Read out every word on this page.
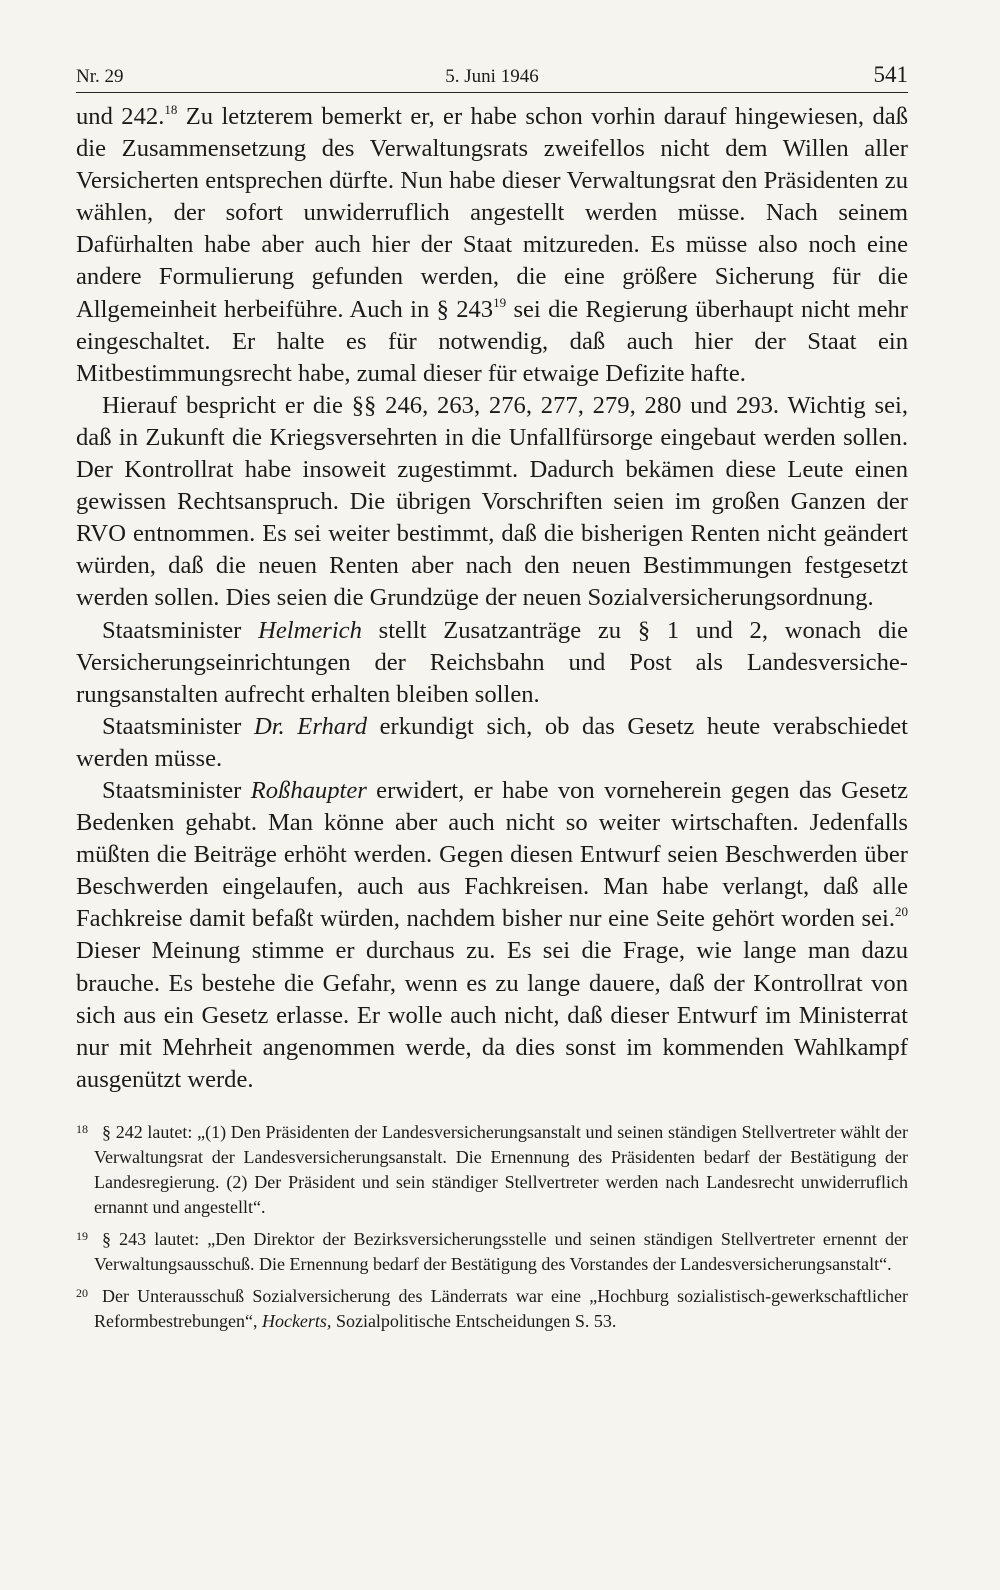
Nr. 29	5. Juni 1946	541

und 242.18 Zu letzterem bemerkt er, er habe schon vorhin darauf hingewiesen, daß die Zusammensetzung des Verwaltungsrats zweifellos nicht dem Willen aller Versicherten entsprechen dürfte. Nun habe dieser Verwaltungsrat den Präsidenten zu wählen, der sofort unwiderruflich angestellt werden müsse. Nach seinem Dafürhalten habe aber auch hier der Staat mitzureden. Es müsse also noch eine andere Formulierung gefunden werden, die eine größere Sicherung für die Allgemeinheit herbeiführe. Auch in § $243^{19}$ sei die Regierung überhaupt nicht mehr eingeschaltet. Er halte es für notwendig, daß auch hier der Staat ein Mitbestimmungsrecht habe, zumal dieser für etwaige Defizite hafte.

Hierauf bespricht er die §§ 246, 263, 276, 277, 279, 280 und 293. Wichtig sei, daß in Zukunft die Kriegsversehrten in die Unfallfürsorge eingebaut werden sollen. Der Kontrollrat habe insoweit zugestimmt. Dadurch bekämen diese Leute einen gewissen Rechtsanspruch. Die übrigen Vorschriften seien im großen Ganzen der RVO entnommen. Es sei weiter bestimmt, daß die bisherigen Renten nicht geändert würden, daß die neuen Renten aber nach den neuen Bestimmungen festgesetzt werden sollen. Dies seien die Grundzüge der neuen Sozialversicherungsordnung.

Staatsminister Helmerich stellt Zusatzanträge zu § 1 und 2, wonach die Versicherungseinrichtungen der Reichsbahn und Post als Landesversicherungsanstalten aufrecht erhalten bleiben sollen.

Staatsminister Dr. Erhard erkundigt sich, ob das Gesetz heute verabschiedet werden müsse.

Staatsminister Roßhaupter erwidert, er habe von vorneherein gegen das Gesetz Bedenken gehabt. Man könne aber auch nicht so weiter wirtschaften. Jedenfalls müßten die Beiträge erhöht werden. Gegen diesen Entwurf seien Beschwerden über Beschwerden eingelaufen, auch aus Fachkreisen. Man habe verlangt, daß alle Fachkreise damit befaßt würden, nachdem bisher nur eine Seite gehört worden sei.$^{20}$ Dieser Meinung stimme er durchaus zu. Es sei die Frage, wie lange man dazu brauche. Es bestehe die Gefahr, wenn es zu lange dauere, daß der Kontrollrat von sich aus ein Gesetz erlasse. Er wolle auch nicht, daß dieser Entwurf im Ministerrat nur mit Mehrheit angenommen werde, da dies sonst im kommenden Wahlkampf ausgenützt werde.

18 § 242 lautet: „(1) Den Präsidenten der Landesversicherungsanstalt und seinen ständigen Stellvertreter wählt der Verwaltungsrat der Landesversicherungsanstalt. Die Ernennung des Präsidenten bedarf der Bestätigung der Landesregierung. (2) Der Präsident und sein ständiger Stellvertreter werden nach Landesrecht unwiderruflich ernannt und angestellt“.
19 § 243 lautet: „Den Direktor der Bezirksversicherungsstelle und seinen ständigen Stellvertreter ernennt der Verwaltungsausschuß. Die Ernennung bedarf der Bestätigung des Vorstandes der Landesversicherungsanstalt“.
20 Der Unterausschuß Sozialversicherung des Länderrats war eine „Hochburg sozialistisch-gewerkschaftlicher Reformbestrebungen“, Hockerts, Sozialpolitische Entscheidungen S. 53.
